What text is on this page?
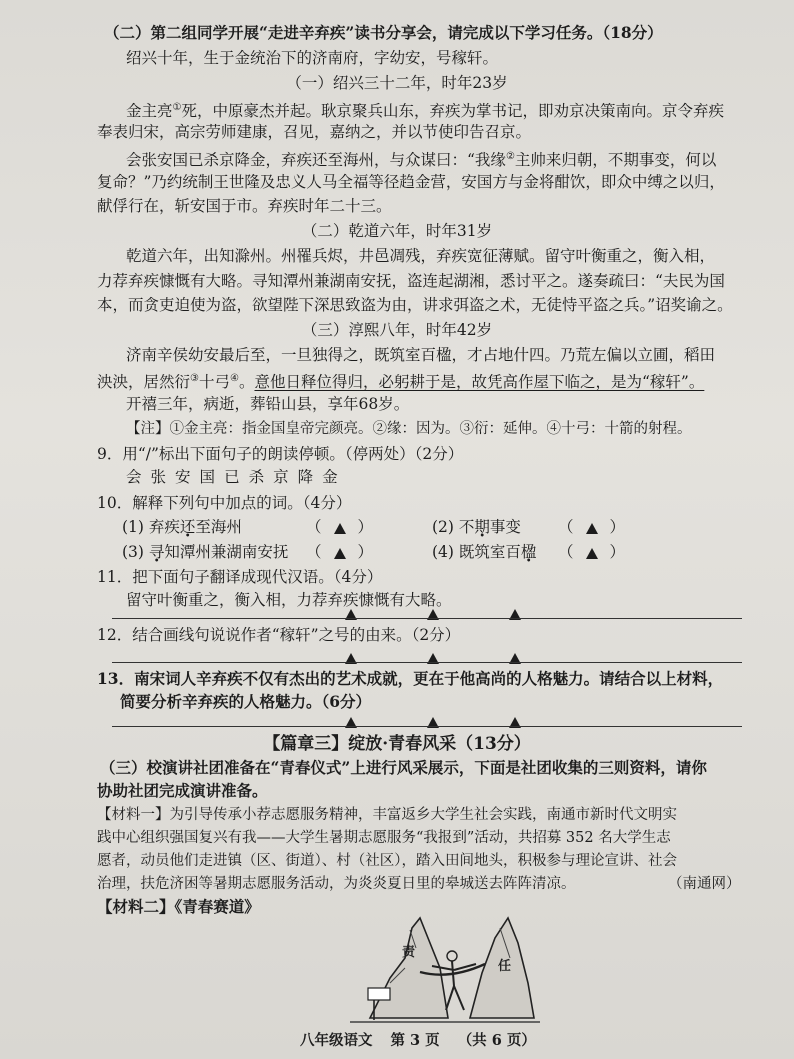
（二）第二组同学开展“走进辛弃疾”读书分享会，请完成以下学习任务。（18分）
绍兴十年，生于金统治下的济南府，字幼安，号稼轩。
（一）绍兴三十二年，时年23岁
金主亮①死，中原豪杰并起。耿京聚兵山东，弃疾为掌书记，即劝京决策南向。京令弃疾
奉表归宋，高宗劳师建康，召见，嘉纳之，并以节使印告召京。
会张安国已杀京降金，弃疾还至海州，与众谋曰：“我缘②主帅来归朝，不期事变，何以
复命？”乃约统制王世隆及忠义人马全福等径趋金营，安国方与金将酣饮，即众中缚之以归，
献俘行在，斩安国于市。弃疾时年二十三。
（二）乾道六年，时年31岁
乾道六年，出知滁州。州罹兵烬，井邑凋残，弃疾宽征薄赋。留守叶衡重之，衡入相，
力荐弃疾慷慨有大略。寻知潭州兼湖南安抚，盗连起湖湘，悉讨平之。遂奏疏曰：“夫民为国
本，而贪吏迫使为盗，欲望陛下深思致盗为由，讲求弭盗之术，无徒恃平盗之兵。”诏奖谕之。
（三）淳熙八年，时年42岁
济南辛侯幼安最后至，一旦独得之，既筑室百楹，才占地什四。乃荒左偏以立圃，稻田
泱泱，居然衍③十弓④。意他日释位得归，必躬耕于是，故凭高作屋下临之，是为“稼轩”。
开禧三年，病逝，葬铅山县，享年68岁。
【注】①金主亮：指金国皇帝完颜亮。②缘：因为。③衍：延伸。④十弓：十箭的射程。
9．用“/”标出下面句子的朗读停顿。（停两处）（2分）
会 张 安 国 已 杀 京 降 金
10．解释下列句中加点的词。（4分）
(1) 弃疾还至海州	（ ）	(2) 不期事变 （ ）
(3) 寻知潭州兼湖南安抚 （ ）	(4) 既筑室百楹 （ ）
11．把下面句子翻译成现代汉语。（4分）
留守叶衡重之，衡入相，力荐弃疾慷慨有大略。
12．结合画线句说说作者“稼轩”之号的由来。（2分）
13．南宋词人辛弃疾不仅有杰出的艺术成就，更在于他高尚的人格魅力。请结合以上材料，
简要分析辛弃疾的人格魅力。（6分）
【篇章三】绽放·青春风采（13分）
（三）校演讲社团准备在“青春仪式”上进行风采展示，下面是社团收集的三则资料，请你
协助社团完成演讲准备。
【材料一】为引导传承小荐志愿服务精神，丰富返乡大学生社会实践，南通市新时代文明实
践中心组织强国复兴有我——大学生暑期志愿服务“我报到”活动，共招募 352 名大学生志
愿者，动员他们走进镇（区、街道）、村（社区），踏入田间地头，积极参与理论宣讲、社会
治理，扶危济困等暑期志愿服务活动，为炎炎夏日里的皋城送去阵阵清凉。	（南通网）
【材料二】《青春赛道》
责
任
八年级语文 第 3 页 （共 6 页）
